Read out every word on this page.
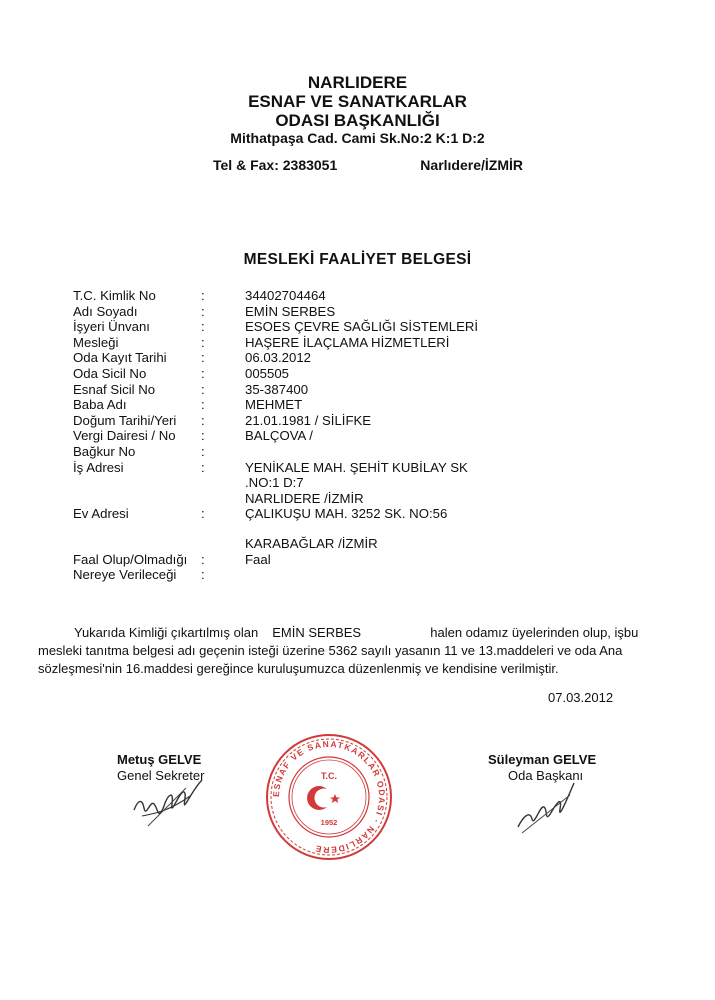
NARLIDERE

ESNAF VE SANATKARLAR

ODASI BAŞKANLIĞI

Mithatpaşa Cad. Cami Sk.No:2 K:1 D:2

Tel & Fax: 2383051	Narlıdere/İZMİR
MESLEKİ FAALİYET BELGESİ
T.C. Kimlik No	:	34402704464
Adı Soyadı	:	EMİN SERBES
İşyeri Ünvanı	:	ESOES ÇEVRE SAĞLIĞI SİSTEMLERİ
Mesleği	:	HAŞERE İLAÇLAMA HİZMETLERİ
Oda Kayıt Tarihi	:	06.03.2012
Oda Sicil No	:	005505
Esnaf Sicil No	:	35-387400
Baba Adı	:	MEHMET
Doğum Tarihi/Yeri :	21.01.1981 / SİLİFKE
Vergi Dairesi / No :	BALÇOVA /
Bağkur No	:
İş Adresi	:	YENİKALE MAH. ŞEHİT KUBİLAY SK
.NO:1 D:7
NARLIDERE /İZMİR
Ev Adresi	:	ÇALIKUŞU MAH. 3252 SK. NO:56
KARABAĞLAR /İZMİR
Faal Olup/Olmadığı :	Faal
Nereye Verileceği :

Yukarıda Kimliği çıkartılmış olan EMİN SERBES	halen odamız üyelerinden olup, işbu

mesleki tanıtma belgesi adı geçenin isteği üzerine 5362 sayılı yasanın 11 ve 13.maddeleri ve oda Ana

sözleşmesi'nin 16.maddesi gereğince kuruluşumuzca düzenlenmiş ve kendisine verilmiştir.

07.03.2012
Metuş GELVE
Genel Sekreter
Süleyman GELVE
Oda Başkanı
ESNAF VE SANATKARLAR ODASI · NARLIDERE
T.C.
1952
